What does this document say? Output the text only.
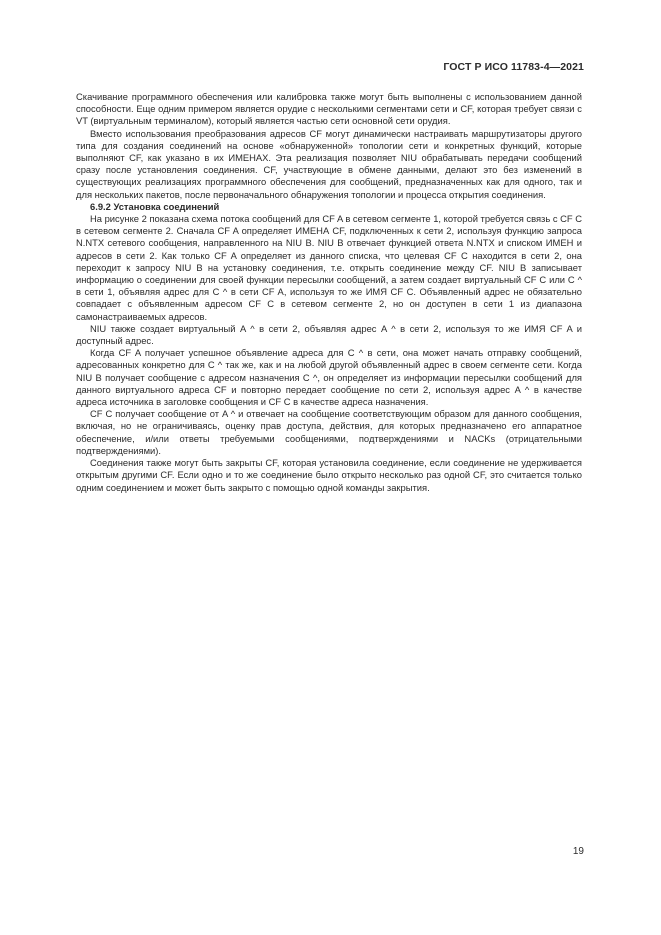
ГОСТ Р ИСО 11783-4—2021

Скачивание программного обеспечения или калибровка также могут быть выполнены с использованием данной способности. Еще одним примером является орудие с несколькими сегментами сети и CF, которая требует связи с VT (виртуальным терминалом), который является частью сети основной сети орудия.

Вместо использования преобразования адресов CF могут динамически настраивать маршрутизаторы другого типа для создания соединений на основе «обнаруженной» топологии сети и конкретных функций, которые выполняют CF, как указано в их ИМЕНАХ. Эта реализация позволяет NIU обрабатывать передачи сообщений сразу после установления соединения. CF, участвующие в обмене данными, делают это без изменений в существующих реализациях программного обеспечения для сообщений, предназначенных как для одного, так и для нескольких пакетов, после первоначального обнаружения топологии и процесса открытия соединения.

6.9.2 Установка соединений

На рисунке 2 показана схема потока сообщений для CF A в сетевом сегменте 1, которой требуется связь с CF C в сетевом сегменте 2. Сначала CF A определяет ИМЕНА CF, подключенных к сети 2, используя функцию запроса N.NTX сетевого сообщения, направленного на NIU B. NIU B отвечает функцией ответа N.NTX и списком ИМЕН и адресов в сети 2. Как только CF A определяет из данного списка, что целевая CF C находится в сети 2, она переходит к запросу NIU B на установку соединения, т.е. открыть соединение между CF. NIU B записывает информацию о соединении для своей функции пересылки сообщений, а затем создает виртуальный CF C или C ^ в сети 1, объявляя адрес для C ^ в сети CF A, используя то же ИМЯ CF C. Объявленный адрес не обязательно совпадает с объявленным адресом CF C в сетевом сегменте 2, но он доступен в сети 1 из диапазона самонастраиваемых адресов.

NIU также создает виртуальный A ^ в сети 2, объявляя адрес A ^ в сети 2, используя то же ИМЯ CF A и доступный адрес.

Когда CF A получает успешное объявление адреса для C ^ в сети, она может начать отправку сообщений, адресованных конкретно для C ^ так же, как и на любой другой объявленный адрес в своем сегменте сети. Когда NIU B получает сообщение с адресом назначения C ^, он определяет из информации пересылки сообщений для данного виртуального адреса CF и повторно передает сообщение по сети 2, используя адрес A ^ в качестве адреса источника в заголовке сообщения и CF C в качестве адреса назначения.

CF C получает сообщение от A ^ и отвечает на сообщение соответствующим образом для данного сообщения, включая, но не ограничиваясь, оценку прав доступа, действия, для которых предназначено его аппаратное обеспечение, и/или ответы требуемыми сообщениями, подтверждениями и NACKs (отрицательными подтверждениями).

Соединения также могут быть закрыты CF, которая установила соединение, если соединение не удерживается открытым другими CF. Если одно и то же соединение было открыто несколько раз одной CF, это считается только одним соединением и может быть закрыто с помощью одной команды закрытия.

19
